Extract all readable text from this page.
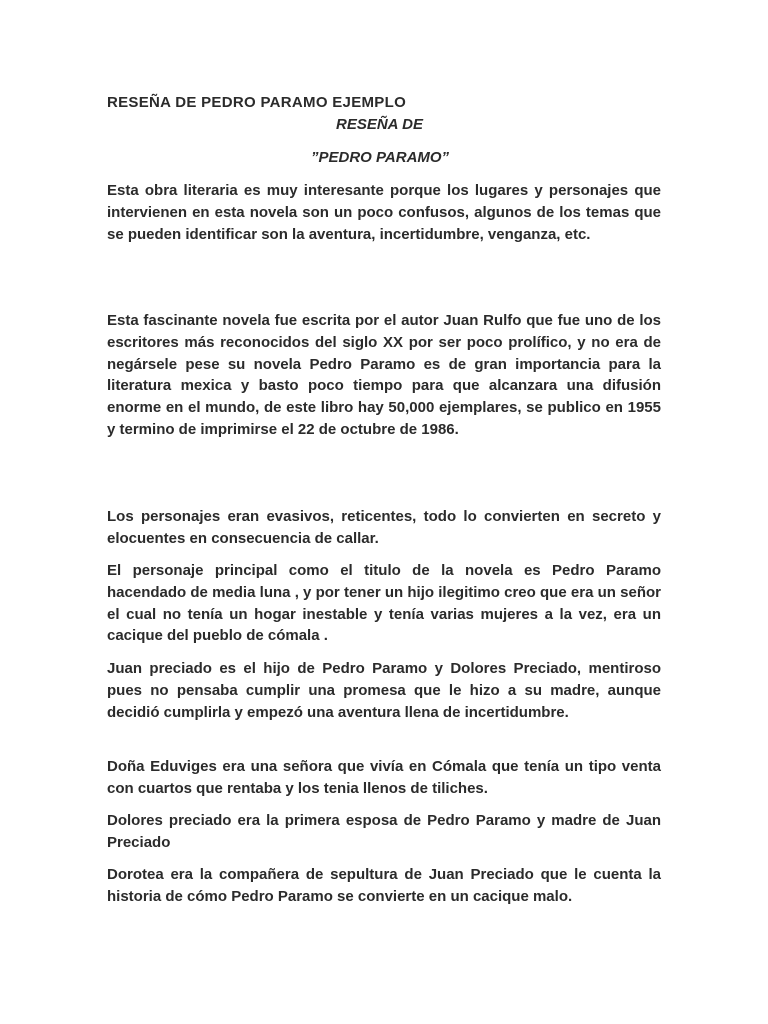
RESEÑA DE PEDRO PARAMO EJEMPLO
RESEÑA DE
”PEDRO PARAMO”

Esta obra literaria es muy interesante porque los lugares y personajes que intervienen en esta novela son un poco confusos, algunos de los temas que se pueden identificar son la aventura, incertidumbre, venganza, etc.

Esta fascinante novela fue escrita por el autor Juan Rulfo que fue uno de los escritores más reconocidos del siglo XX por ser poco prolífico, y no era de negársele pese su novela Pedro Paramo es de gran importancia para la literatura mexica y basto poco tiempo para que alcanzara una difusión enorme en el mundo, de este libro hay 50,000 ejemplares, se publico en 1955 y termino de imprimirse el 22 de octubre de 1986.

Los personajes eran evasivos, reticentes, todo lo convierten en secreto y elocuentes en consecuencia de callar.

El personaje principal como el titulo de la novela es Pedro Paramo hacendado de media luna , y por tener un hijo ilegitimo creo que era un señor el cual no tenía un hogar inestable y tenía varias mujeres a la vez, era un cacique del pueblo de cómala .

Juan preciado es el hijo de Pedro Paramo y Dolores Preciado, mentiroso pues no pensaba cumplir una promesa que le hizo a su madre, aunque decidió cumplirla y empezó una aventura llena de incertidumbre.

Doña Eduviges era una señora que vivía en Cómala que tenía un tipo venta con cuartos que rentaba y los tenia llenos de tiliches.

Dolores preciado era la primera esposa de Pedro Paramo y madre de Juan Preciado

Dorotea era la compañera de sepultura de Juan Preciado que le cuenta la historia de cómo Pedro Paramo se convierte en un cacique malo.
